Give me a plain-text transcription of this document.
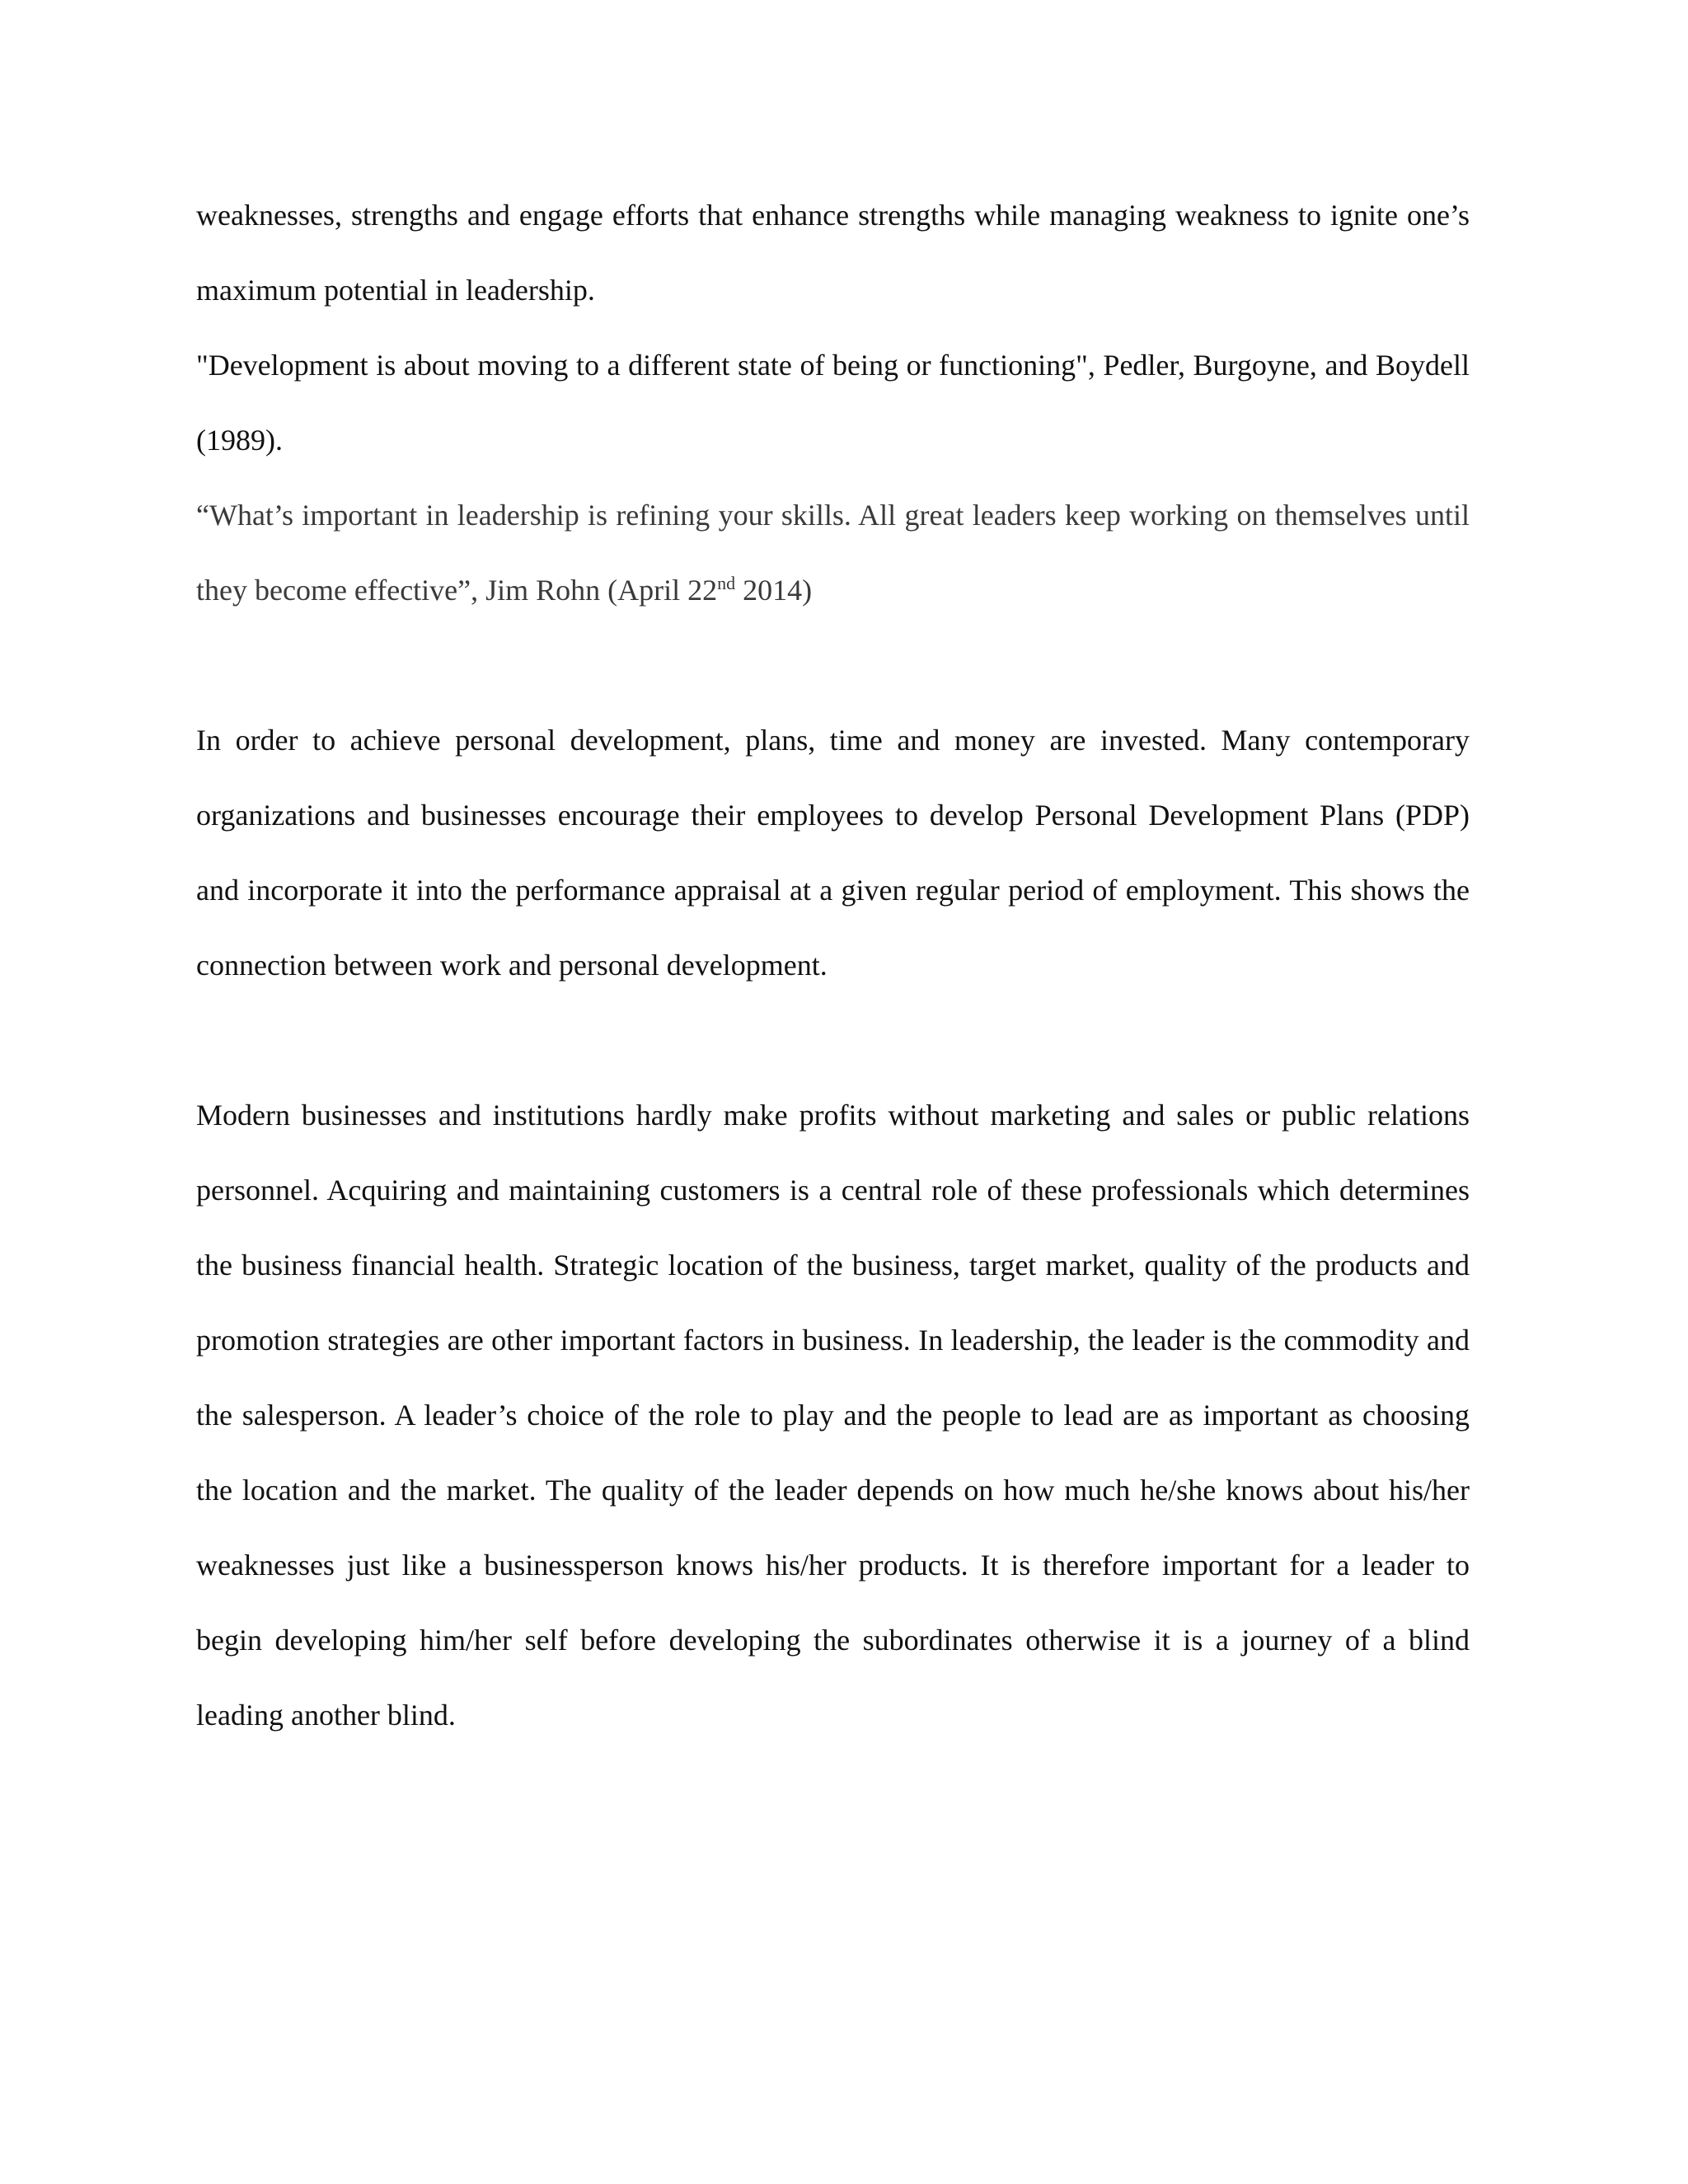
weaknesses, strengths and engage efforts that enhance strengths while managing weakness to ignite one’s maximum potential in leadership.

"Development is about moving to a different state of being or functioning", Pedler, Burgoyne, and Boydell (1989).

“What’s important in leadership is refining your skills. All great leaders keep working on themselves until they become effective”, Jim Rohn (April 22nd 2014)

In order to achieve personal development, plans, time and money are invested. Many contemporary organizations and businesses encourage their employees to develop Personal Development Plans (PDP) and incorporate it into the performance appraisal at a given regular period of employment. This shows the connection between work and personal development.

Modern businesses and institutions hardly make profits without marketing and sales or public relations personnel. Acquiring and maintaining customers is a central role of these professionals which determines the business financial health. Strategic location of the business, target market, quality of the products and promotion strategies are other important factors in business. In leadership, the leader is the commodity and the salesperson. A leader’s choice of the role to play and the people to lead are as important as choosing the location and the market. The quality of the leader depends on how much he/she knows about his/her weaknesses just like a businessperson knows his/her products. It is therefore important for a leader to begin developing him/her self before developing the subordinates otherwise it is a journey of a blind leading another blind.
